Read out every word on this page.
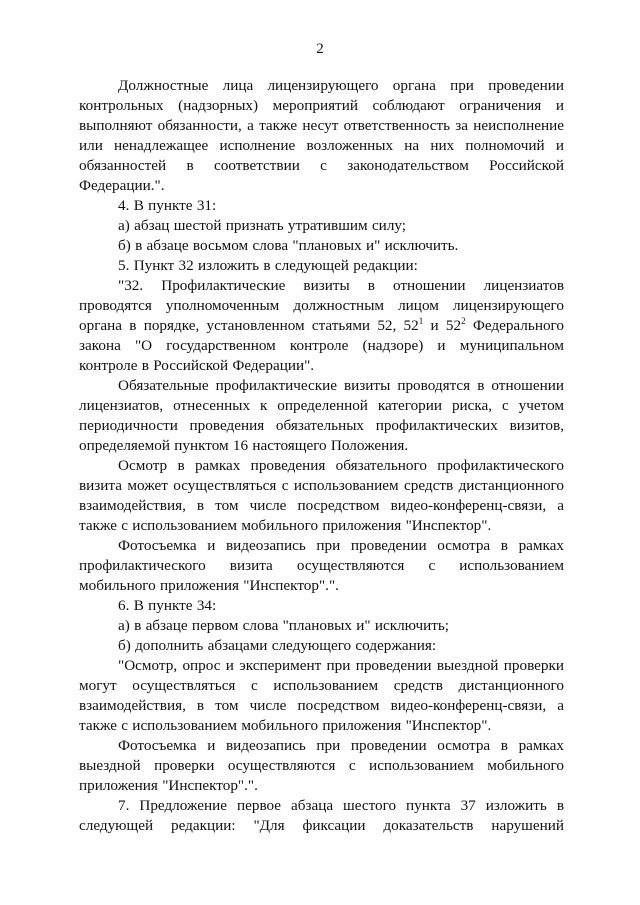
2

Должностные лица лицензирующего органа при проведении контрольных (надзорных) мероприятий соблюдают ограничения и выполняют обязанности, а также несут ответственность за неисполнение или ненадлежащее исполнение возложенных на них полномочий и обязанностей в соответствии с законодательством Российской Федерации.".

4. В пункте 31:

а) абзац шестой признать утратившим силу;

б) в абзаце восьмом слова "плановых и" исключить.

5. Пункт 32 изложить в следующей редакции:

"32. Профилактические визиты в отношении лицензиатов проводятся уполномоченным должностным лицом лицензирующего органа в порядке, установленном статьями 52, $52^1$ и $52^2$ Федерального закона "О государственном контроле (надзоре) и муниципальном контроле в Российской Федерации".

Обязательные профилактические визиты проводятся в отношении лицензиатов, отнесенных к определенной категории риска, с учетом периодичности проведения обязательных профилактических визитов, определяемой пунктом 16 настоящего Положения.

Осмотр в рамках проведения обязательного профилактического визита может осуществляться с использованием средств дистанционного взаимодействия, в том числе посредством видео-конференц-связи, а также с использованием мобильного приложения "Инспектор".

Фотосъемка и видеозапись при проведении осмотра в рамках профилактического визита осуществляются с использованием мобильного приложения "Инспектор".".

6. В пункте 34:

а) в абзаце первом слова "плановых и" исключить;

б) дополнить абзацами следующего содержания:

"Осмотр, опрос и эксперимент при проведении выездной проверки могут осуществляться с использованием средств дистанционного взаимодействия, в том числе посредством видео-конференц-связи, а также с использованием мобильного приложения "Инспектор".

Фотосъемка и видеозапись при проведении осмотра в рамках выездной проверки осуществляются с использованием мобильного приложения "Инспектор".".

7. Предложение первое абзаца шестого пункта 37 изложить в следующей редакции: "Для фиксации доказательств нарушений
